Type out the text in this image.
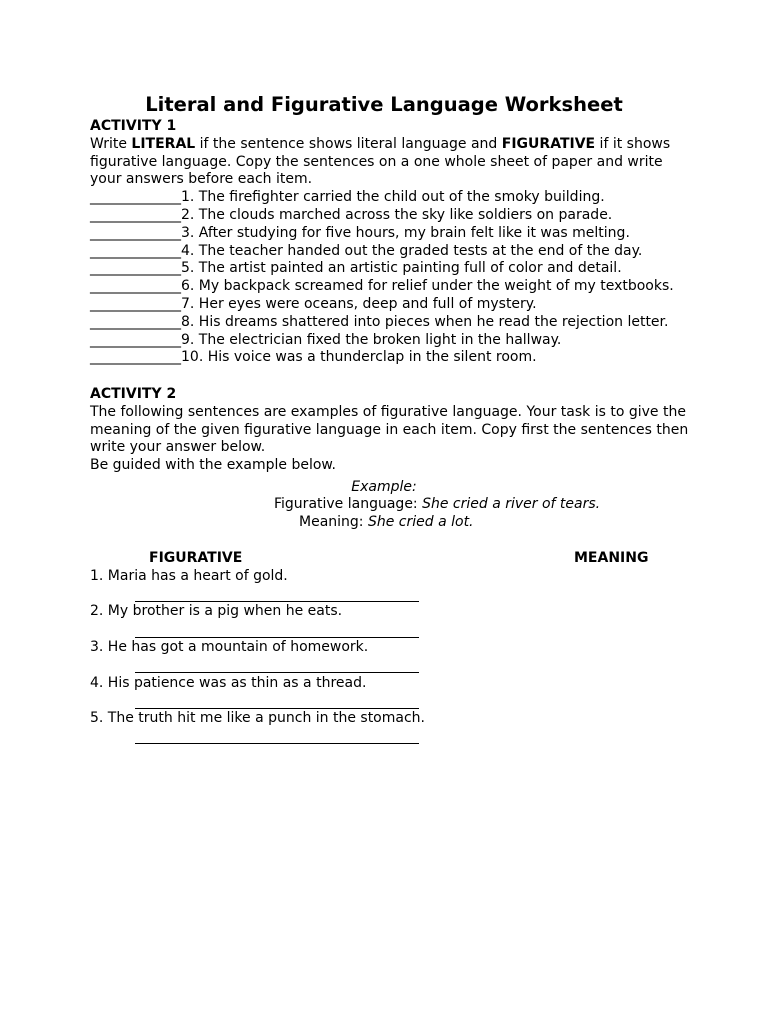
Literal and Figurative Language Worksheet
ACTIVITY 1

Write LITERAL if the sentence shows literal language and FIGURATIVE if it shows figurative language. Copy the sentences on a one whole sheet of paper and write your answers before each item.

_____________1. The firefighter carried the child out of the smoky building.
_____________2. The clouds marched across the sky like soldiers on parade.
_____________3. After studying for five hours, my brain felt like it was melting.
_____________4. The teacher handed out the graded tests at the end of the day.
_____________5. The artist painted an artistic painting full of color and detail.
_____________6. My backpack screamed for relief under the weight of my textbooks.
_____________7. Her eyes were oceans, deep and full of mystery.
_____________8. His dreams shattered into pieces when he read the rejection letter.
_____________9. The electrician fixed the broken light in the hallway.
_____________10. His voice was a thunderclap in the silent room.
ACTIVITY 2

The following sentences are examples of figurative language. Your task is to give the meaning of the given figurative language in each item. Copy first the sentences then write your answer below.

Be guided with the example below.

Example:
Figurative language: She cried a river of tears.
Meaning: She cried a lot.
FIGURATIVE	MEANING
1. Maria has a heart of gold.
2. My brother is a pig when he eats.
3. He has got a mountain of homework.
4. His patience was as thin as a thread.
5. The truth hit me like a punch in the stomach.
